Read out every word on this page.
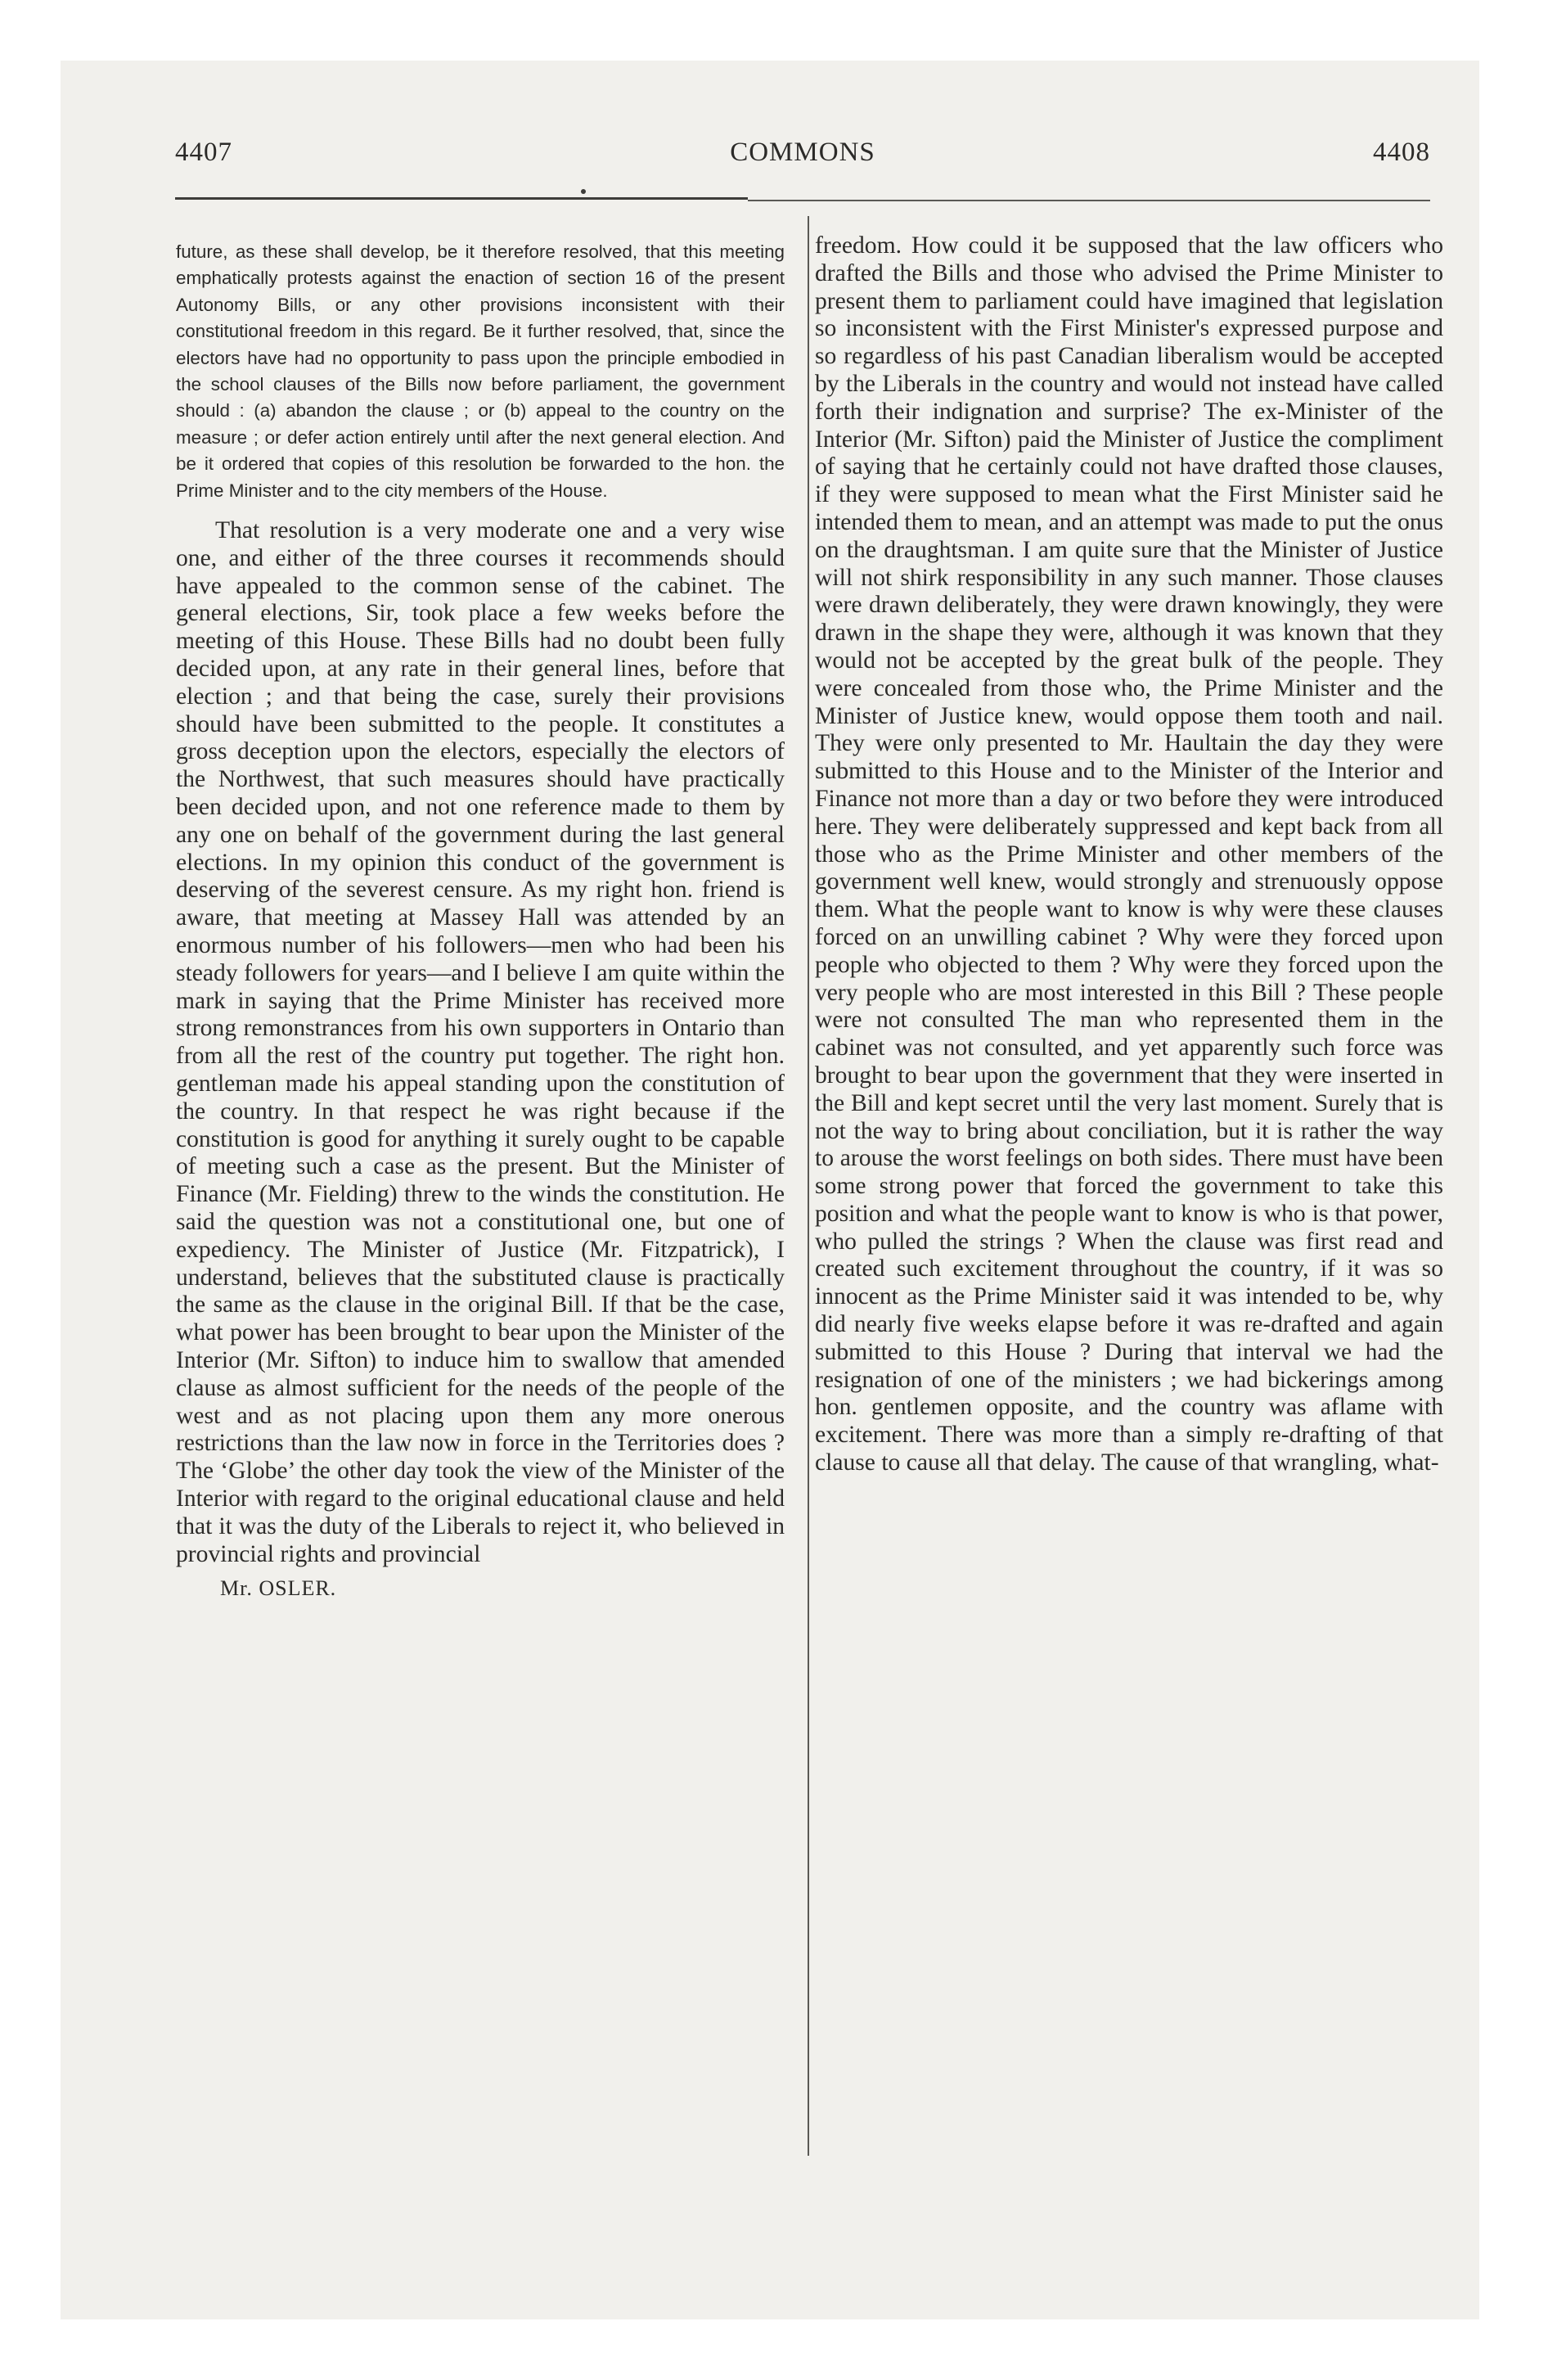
4407	COMMONS	4408

future, as these shall develop, be it therefore resolved, that this meeting emphatically protests against the enaction of section 16 of the present Autonomy Bills, or any other provisions inconsistent with their constitutional freedom in this regard. Be it further resolved, that, since the electors have had no opportunity to pass upon the principle embodied in the school clauses of the Bills now before parliament, the government should : (a) abandon the clause ; or (b) appeal to the country on the measure ; or defer action entirely until after the next general election. And be it ordered that copies of this resolution be forwarded to the hon. the Prime Minister and to the city members of the House.

That resolution is a very moderate one and a very wise one, and either of the three courses it recommends should have appealed to the common sense of the cabinet. The general elections, Sir, took place a few weeks before the meeting of this House. These Bills had no doubt been fully decided upon, at any rate in their general lines, before that election ; and that being the case, surely their provisions should have been submitted to the people. It constitutes a gross deception upon the electors, especially the electors of the Northwest, that such measures should have practically been decided upon, and not one reference made to them by any one on behalf of the government during the last general elections. In my opinion this conduct of the government is deserving of the severest censure. As my right hon. friend is aware, that meeting at Massey Hall was attended by an enormous number of his followers—men who had been his steady followers for years—and I believe I am quite within the mark in saying that the Prime Minister has received more strong remonstrances from his own supporters in Ontario than from all the rest of the country put together. The right hon. gentleman made his appeal standing upon the constitution of the country. In that respect he was right because if the constitution is good for anything it surely ought to be capable of meeting such a case as the present. But the Minister of Finance (Mr. Fielding) threw to the winds the constitution. He said the question was not a constitutional one, but one of expediency. The Minister of Justice (Mr. Fitzpatrick), I understand, believes that the substituted clause is practically the same as the clause in the original Bill. If that be the case, what power has been brought to bear upon the Minister of the Interior (Mr. Sifton) to induce him to swallow that amended clause as almost sufficient for the needs of the people of the west and as not placing upon them any more onerous restrictions than the law now in force in the Territories does ? The ‘Globe’ the other day took the view of the Minister of the Interior with regard to the original educational clause and held that it was the duty of the Liberals to reject it, who believed in provincial rights and provincial

Mr. OSLER.

freedom. How could it be supposed that the law officers who drafted the Bills and those who advised the Prime Minister to present them to parliament could have imagined that legislation so inconsistent with the First Minister's expressed purpose and so regardless of his past Canadian liberalism would be accepted by the Liberals in the country and would not instead have called forth their indignation and surprise? The ex-Minister of the Interior (Mr. Sifton) paid the Minister of Justice the compliment of saying that he certainly could not have drafted those clauses, if they were supposed to mean what the First Minister said he intended them to mean, and an attempt was made to put the onus on the draughtsman. I am quite sure that the Minister of Justice will not shirk responsibility in any such manner. Those clauses were drawn deliberately, they were drawn knowingly, they were drawn in the shape they were, although it was known that they would not be accepted by the great bulk of the people. They were concealed from those who, the Prime Minister and the Minister of Justice knew, would oppose them tooth and nail. They were only presented to Mr. Haultain the day they were submitted to this House and to the Minister of the Interior and Finance not more than a day or two before they were introduced here. They were deliberately suppressed and kept back from all those who as the Prime Minister and other members of the government well knew, would strongly and strenuously oppose them. What the people want to know is why were these clauses forced on an unwilling cabinet ? Why were they forced upon people who objected to them ? Why were they forced upon the very people who are most interested in this Bill ? These people were not consulted The man who represented them in the cabinet was not consulted, and yet apparently such force was brought to bear upon the government that they were inserted in the Bill and kept secret until the very last moment. Surely that is not the way to bring about conciliation, but it is rather the way to arouse the worst feelings on both sides. There must have been some strong power that forced the government to take this position and what the people want to know is who is that power, who pulled the strings ? When the clause was first read and created such excitement throughout the country, if it was so innocent as the Prime Minister said it was intended to be, why did nearly five weeks elapse before it was re-drafted and again submitted to this House ? During that interval we had the resignation of one of the ministers ; we had bickerings among hon. gentlemen opposite, and the country was aflame with excitement. There was more than a simply re-drafting of that clause to cause all that delay. The cause of that wrangling, what-
